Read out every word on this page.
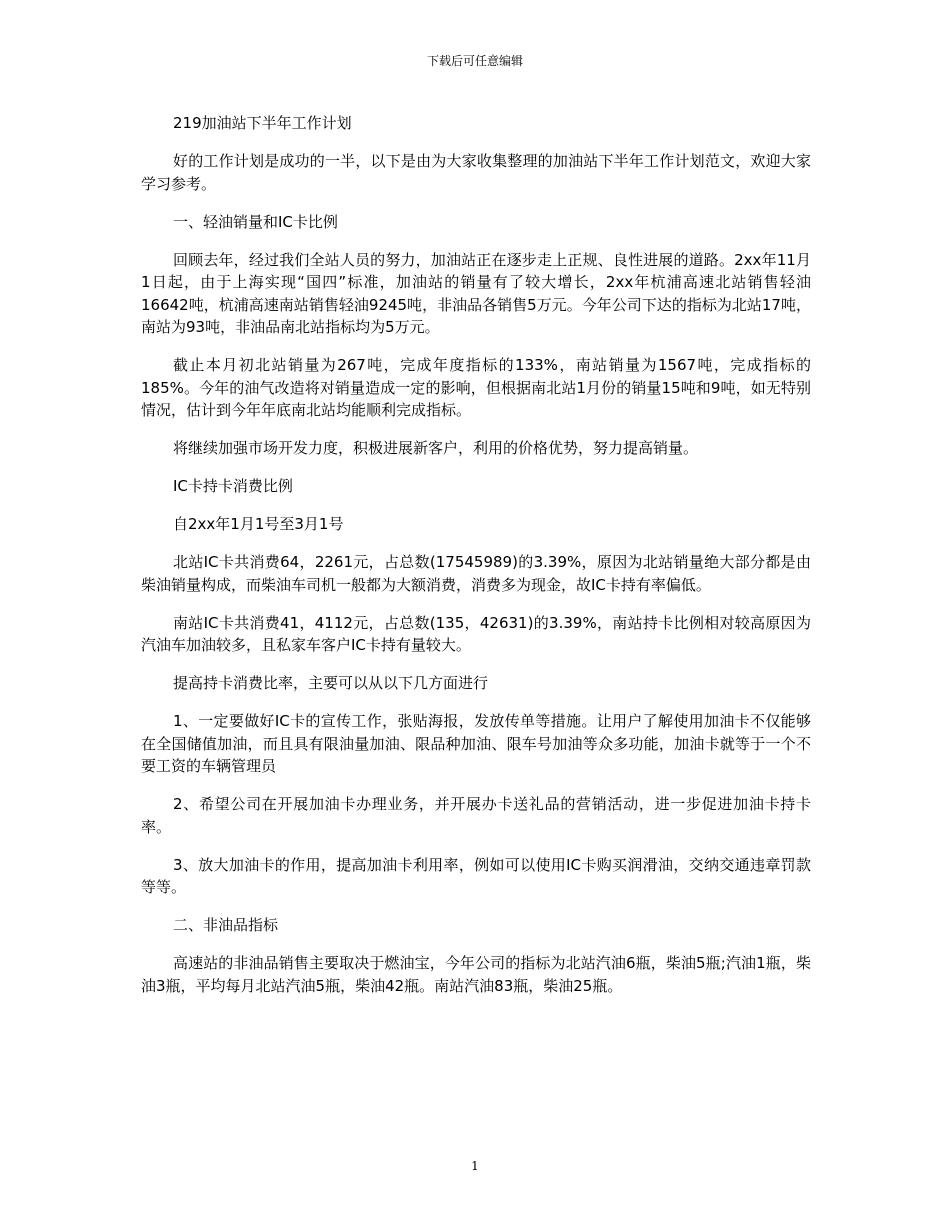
下载后可任意编辑

219加油站下半年工作计划

好的工作计划是成功的一半，以下是由为大家收集整理的加油站下半年工作计划范文，欢迎大家学习参考。

一、轻油销量和IC卡比例

回顾去年，经过我们全站人员的努力，加油站正在逐步走上正规、良性进展的道路。2xx年11月1日起，由于上海实现“国四”标准，加油站的销量有了较大增长，2xx年杭浦高速北站销售轻油16642吨，杭浦高速南站销售轻油9245吨，非油品各销售5万元。今年公司下达的指标为北站17吨，南站为93吨，非油品南北站指标均为5万元。

截止本月初北站销量为267吨，完成年度指标的133%，南站销量为1567吨，完成指标的185%。今年的油气改造将对销量造成一定的影响，但根据南北站1月份的销量15吨和9吨，如无特别情况，估计到今年年底南北站均能顺利完成指标。

将继续加强市场开发力度，积极进展新客户，利用的价格优势，努力提高销量。

IC卡持卡消费比例

自2xx年1月1号至3月1号

北站IC卡共消费64，2261元，占总数(17545989)的3.39%，原因为北站销量绝大部分都是由柴油销量构成，而柴油车司机一般都为大额消费，消费多为现金，故IC卡持有率偏低。

南站IC卡共消费41，4112元，占总数(135，42631)的3.39%，南站持卡比例相对较高原因为汽油车加油较多，且私家车客户IC卡持有量较大。

提高持卡消费比率，主要可以从以下几方面进行

1、一定要做好IC卡的宣传工作，张贴海报，发放传单等措施。让用户了解使用加油卡不仅能够在全国储值加油，而且具有限油量加油、限品种加油、限车号加油等众多功能，加油卡就等于一个不要工资的车辆管理员

2、希望公司在开展加油卡办理业务，并开展办卡送礼品的营销活动，进一步促进加油卡持卡率。

3、放大加油卡的作用，提高加油卡利用率，例如可以使用IC卡购买润滑油，交纳交通违章罚款等等。

二、非油品指标

高速站的非油品销售主要取决于燃油宝，今年公司的指标为北站汽油6瓶，柴油5瓶;汽油1瓶，柴油3瓶，平均每月北站汽油5瓶，柴油42瓶。南站汽油83瓶，柴油25瓶。

1
